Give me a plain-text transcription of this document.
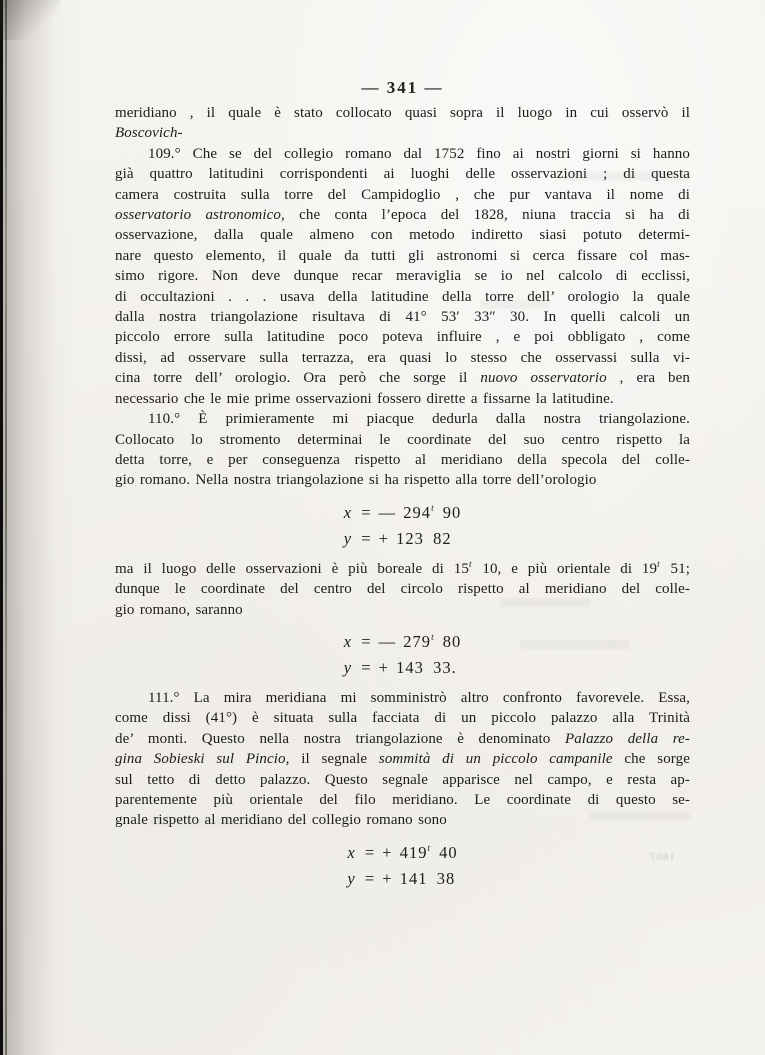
— 341 —
meridiano , il quale è stato collocato quasi sopra il luogo in cui osservò il
Boscovich-
109.° Che se del collegio romano dal 1752 fino ai nostri giorni si hanno
già quattro latitudini corrispondenti ai luoghi delle osservazioni ; di questa
camera costruita sulla torre del Campidoglio , che pur vantava il nome di
osservatorio astronomico, che conta l’epoca del 1828, niuna traccia si ha di
osservazione, dalla quale almeno con metodo indiretto siasi potuto determi-
nare questo elemento, il quale da tutti gli astronomi si cerca fissare col mas-
simo rigore. Non deve dunque recar meraviglia se io nel calcolo di ecclissi,
di occultazioni . . . usava della latitudine della torre dell’ orologio la quale
dalla nostra triangolazione risultava di 41° 53′ 33″ 30. In quelli calcoli un
piccolo errore sulla latitudine poco poteva influire , e poi obbligato , come
dissi, ad osservare sulla terrazza, era quasi lo stesso che osservassi sulla vi-
cina torre dell’ orologio. Ora però che sorge il nuovo osservatorio , era ben
necessario che le mie prime osservazioni fossero dirette a fissarne la latitudine.
110.° È primieramente mi piacque dedurla dalla nostra triangolazione.
Collocato lo stromento determinai le coordinate del suo centro rispetto la
detta torre, e per conseguenza rispetto al meridiano della specola del colle-
gio romano. Nella nostra triangolazione si ha rispetto alla torre dell’orologio
x = — 294$^t$ 90
y = + 123 82
ma il luogo delle osservazioni è più boreale di 15$^t$ 10, e più orientale di 19$^t$ 51;
dunque le coordinate del centro del circolo rispetto al meridiano del colle-
gio romano, saranno
x = — 279$^t$ 80
y = + 143 33.
111.° La mira meridiana mi somministrò altro confronto favorevele. Essa,
come dissi (41°) è situata sulla facciata di un piccolo palazzo alla Trinità
de’ monti. Questo nella nostra triangolazione è denominato Palazzo della re-
gina Sobieski sul Pincio, il segnale sommità di un piccolo campanile che sorge
sul tetto di detto palazzo. Questo segnale apparisce nel campo, e resta ap-
parentemente più orientale del filo meridiano. Le coordinate di questo se-
gnale rispetto al meridiano del collegio romano sono
x = + $419^t$ 40
y = + 141 38
1807
